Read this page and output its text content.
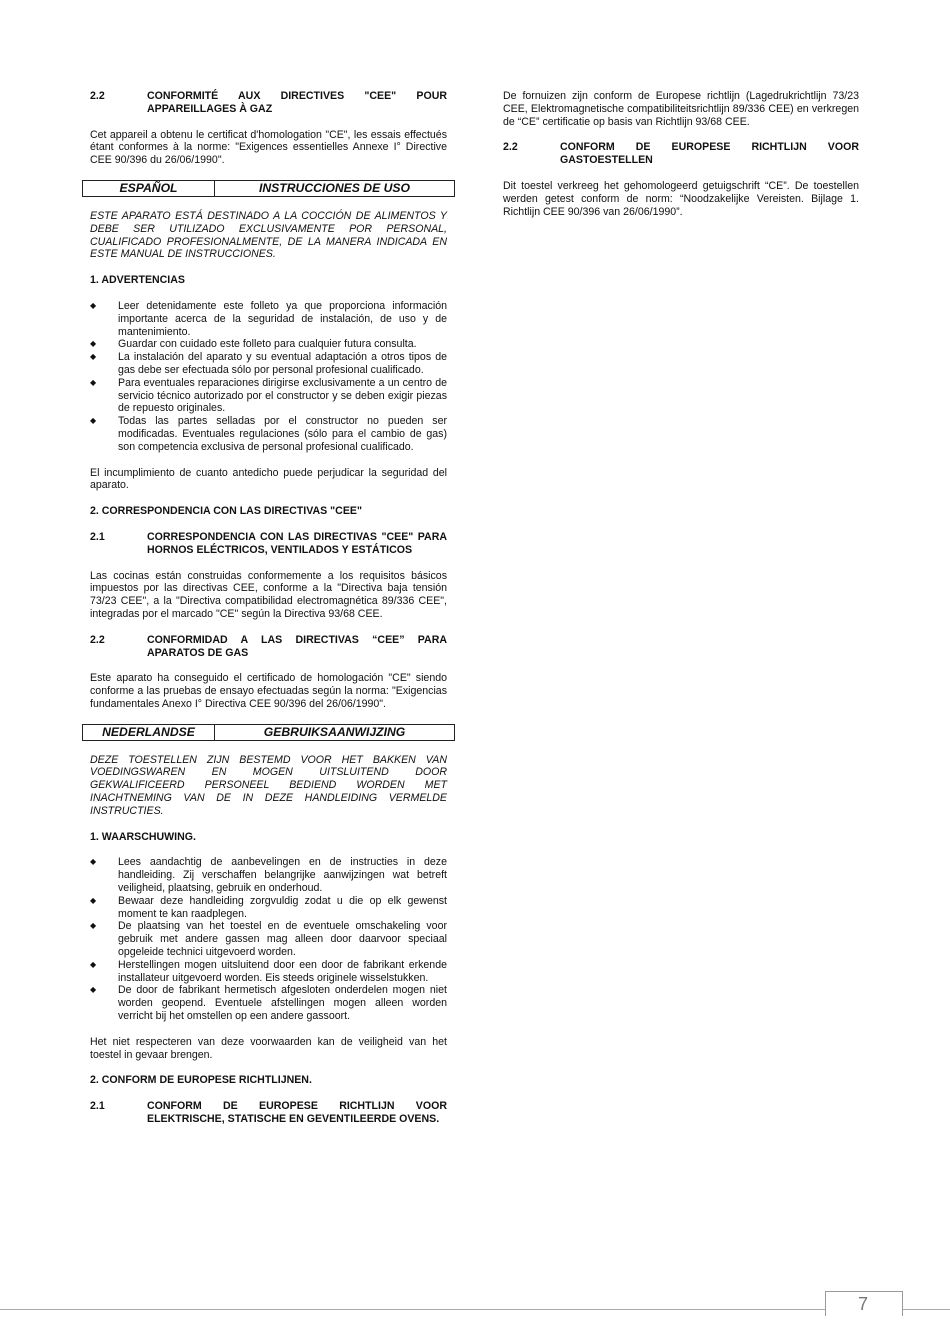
2.2	CONFORMITÉ AUX DIRECTIVES "CEE" POUR APPAREILLAGES À GAZ

Cet appareil a obtenu le certificat d'homologation "CE", les essais effectués étant conformes à la norme: "Exigences essentielles Annexe I° Directive CEE 90/396 du 26/06/1990".

ESPAÑOL	INSTRUCCIONES DE USO

ESTE APARATO ESTÁ DESTINADO A LA COCCIÓN DE ALIMENTOS Y DEBE SER UTILIZADO EXCLUSIVAMENTE POR PERSONAL, CUALIFICADO PROFESIONALMENTE, DE LA MANERA INDICADA EN ESTE MANUAL DE INSTRUCCIONES.

1. ADVERTENCIAS
◆	Leer detenidamente este folleto ya que proporciona información importante acerca de la seguridad de instalación, de uso y de mantenimiento.
◆	Guardar con cuidado este folleto para cualquier futura consulta.
◆	La instalación del aparato y su eventual adaptación a otros tipos de gas debe ser efectuada sólo por personal profesional cualificado.
◆	Para eventuales reparaciones dirigirse exclusivamente a un centro de servicio técnico autorizado por el constructor y se deben exigir piezas de repuesto originales.
◆	Todas las partes selladas por el constructor no pueden ser modificadas. Eventuales regulaciones (sólo para el cambio de gas) son competencia exclusiva de personal profesional cualificado.

El incumplimiento de cuanto antedicho puede perjudicar la seguridad del aparato.

2. CORRESPONDENCIA CON LAS DIRECTIVAS "CEE"
2.1	CORRESPONDENCIA CON LAS DIRECTIVAS "CEE" PARA HORNOS ELÉCTRICOS, VENTILADOS Y ESTÁTICOS

Las cocinas están construidas conformemente a los requisitos básicos impuestos por las directivas CEE, conforme a la "Directiva baja tensión 73/23 CEE", a la "Directiva compatibilidad electromagnética 89/336 CEE", integradas por el marcado "CE" según la Directiva 93/68 CEE.

2.2	CONFORMIDAD A LAS DIRECTIVAS “CEE” PARA APARATOS DE GAS

Este aparato ha conseguido el certificado de homologación "CE" siendo conforme a las pruebas de ensayo efectuadas según la norma: "Exigencias fundamentales Anexo I° Directiva CEE 90/396 del 26/06/1990".

NEDERLANDSE	GEBRUIKSAANWIJZING

DEZE TOESTELLEN ZIJN BESTEMD VOOR HET BAKKEN VAN VOEDINGSWAREN EN MOGEN UITSLUITEND DOOR GEKWALIFICEERD PERSONEEL BEDIEND WORDEN MET INACHTNEMING VAN DE IN DEZE HANDLEIDING VERMELDE INSTRUCTIES.

1. WAARSCHUWING.
◆	Lees aandachtig de aanbevelingen en de instructies in deze handleiding. Zij verschaffen belangrijke aanwijzingen wat betreft veiligheid, plaatsing, gebruik en onderhoud.
◆	Bewaar deze handleiding zorgvuldig zodat u die op elk gewenst moment te kan raadplegen.
◆	De plaatsing van het toestel en de eventuele omschakeling voor gebruik met andere gassen mag alleen door daarvoor speciaal opgeleide technici uitgevoerd worden.
◆	Herstellingen mogen uitsluitend door een door de fabrikant erkende installateur uitgevoerd worden. Eis steeds originele wisselstukken.
◆	De door de fabrikant hermetisch afgesloten onderdelen mogen niet worden geopend. Eventuele afstellingen mogen alleen worden verricht bij het omstellen op een andere gassoort.

Het niet respecteren van deze voorwaarden kan de veiligheid van het toestel in gevaar brengen.

2. CONFORM DE EUROPESE RICHTLIJNEN.
2.1	CONFORM DE EUROPESE RICHTLIJN VOOR ELEKTRISCHE, STATISCHE EN GEVENTILEERDE OVENS.

De fornuizen zijn conform de Europese richtlijn (Lagedrukrichtlijn 73/23 CEE, Elektromagnetische compatibiliteitsrichtlijn 89/336 CEE) en verkregen de “CE” certificatie op basis van Richtlijn 93/68 CEE.

2.2	CONFORM DE EUROPESE RICHTLIJN VOOR GASTOESTELLEN

Dit toestel verkreeg het gehomologeerd getuigschrift “CE”. De toestellen werden getest conform de norm: “Noodzakelijke Vereisten. Bijlage 1. Richtlijn CEE 90/396 van 26/06/1990”.

7
